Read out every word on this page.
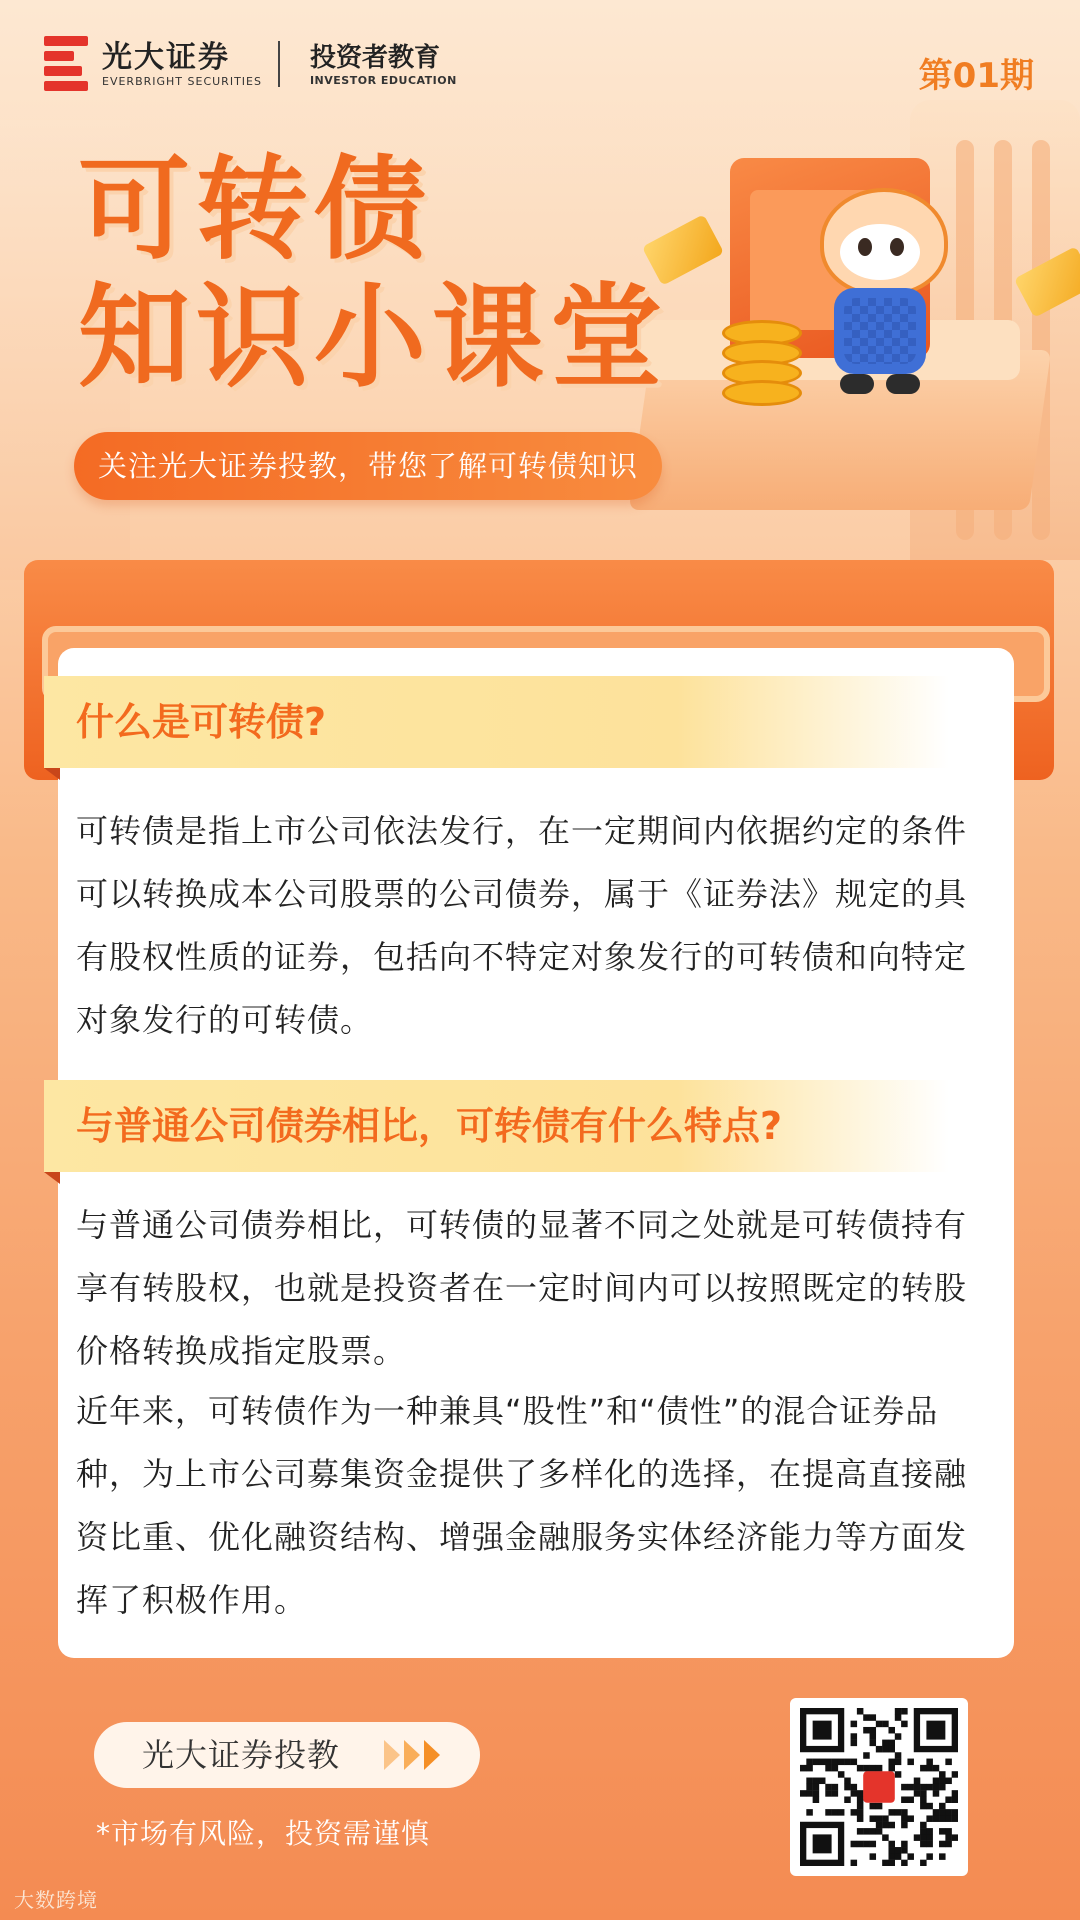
光大证券
EVERBRIGHT SECURITIES
投资者教育
INVESTOR EDUCATION	第01期
可转债
知识小课堂
关注光大证券投教，带您了解可转债知识
什么是可转债?

可转债是指上市公司依法发行，在一定期间内依据约定的条件可以转换成本公司股票的公司债券，属于《证券法》规定的具有股权性质的证券，包括向不特定对象发行的可转债和向特定对象发行的可转债。

与普通公司债券相比，可转债有什么特点?

与普通公司债券相比，可转债的显著不同之处就是可转债持有享有转股权，也就是投资者在一定时间内可以按照既定的转股价格转换成指定股票。

近年来，可转债作为一种兼具“股性”和“债性”的混合证券品种，为上市公司募集资金提供了多样化的选择，在提高直接融资比重、优化融资结构、增强金融服务实体经济能力等方面发挥了积极作用。

光大证券投教
*市场有风险，投资需谨慎
大数跨境
